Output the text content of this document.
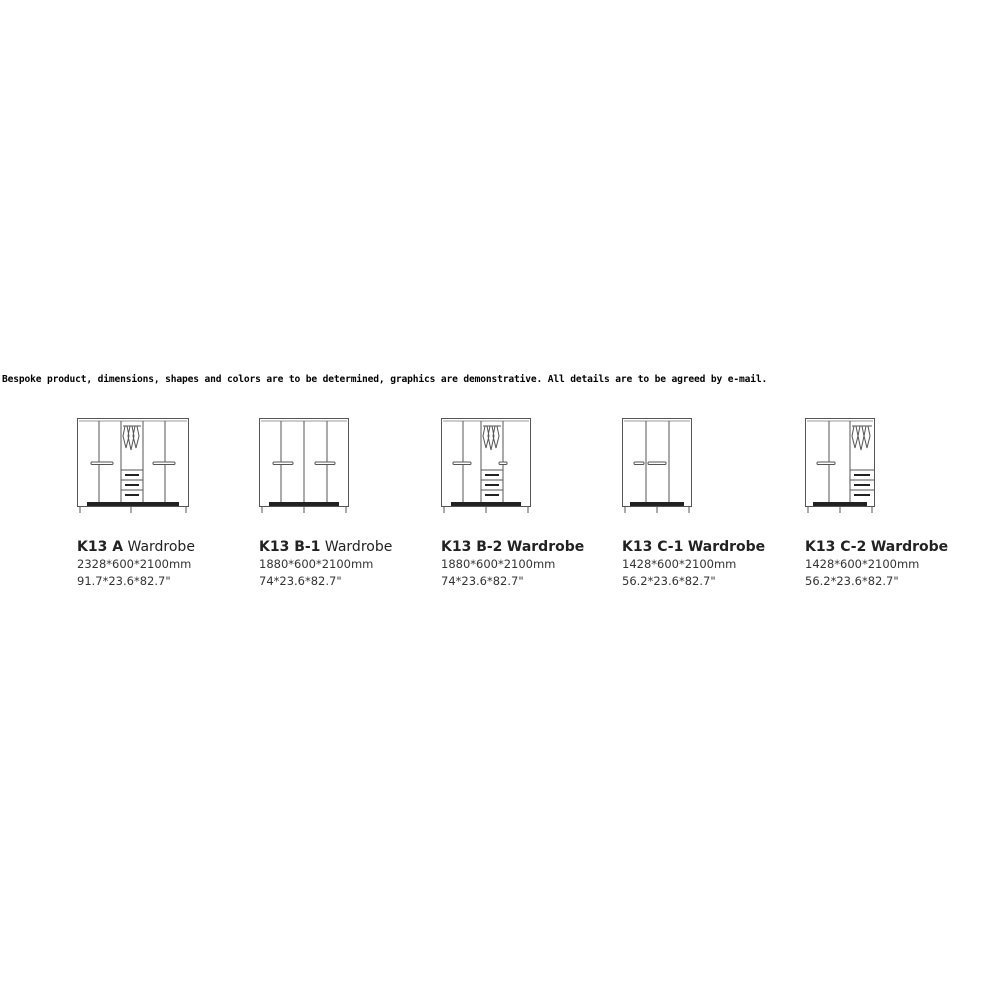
Bespoke product, dimensions, shapes and colors are to be determined, graphics are demonstrative. All details are to be agreed by e-mail.
K13 A Wardrobe
2328*600*2100mm
91.7*23.6*82.7"
K13 B-1 Wardrobe
1880*600*2100mm
74*23.6*82.7"
K13 B-2 Wardrobe
1880*600*2100mm
74*23.6*82.7"
K13 C-1 Wardrobe
1428*600*2100mm
56.2*23.6*82.7"
K13 C-2 Wardrobe
1428*600*2100mm
56.2*23.6*82.7"
